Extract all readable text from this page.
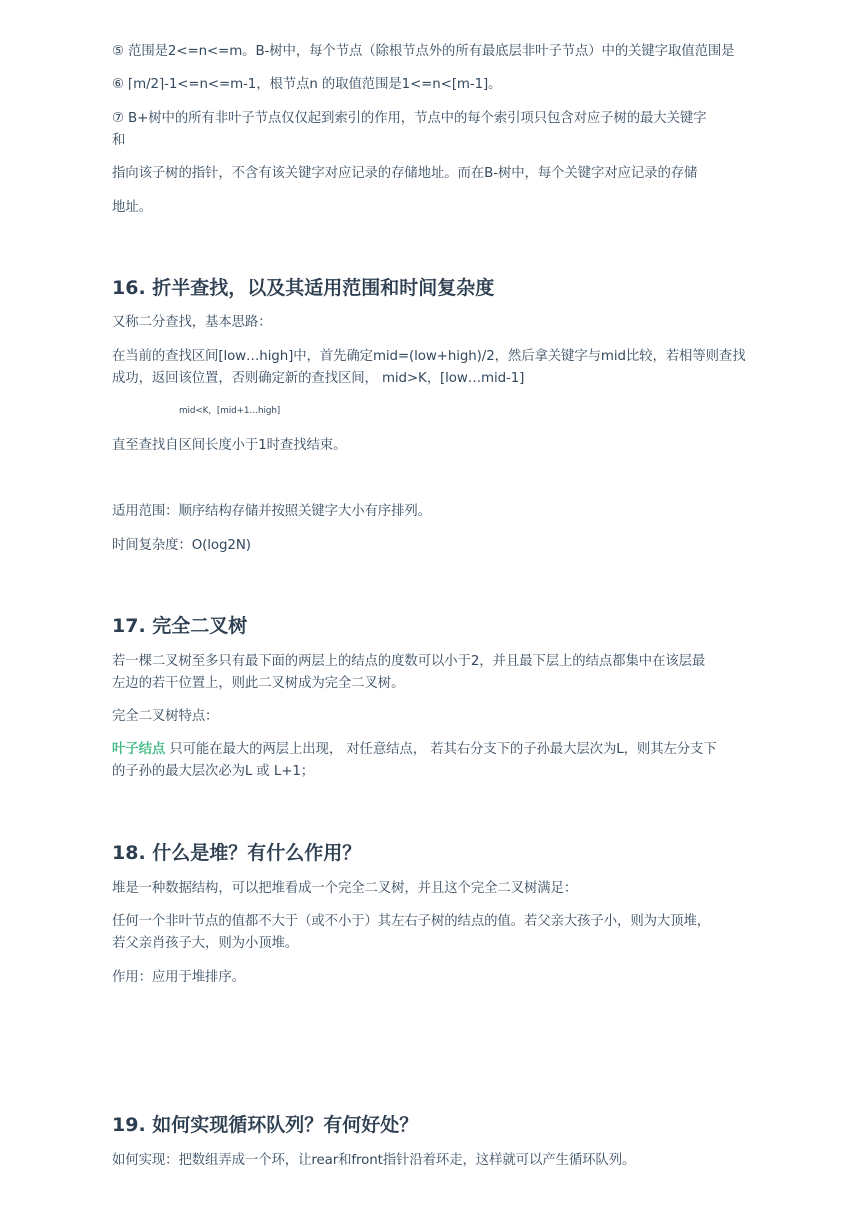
⑤ 范围是2<=n<=m。B-树中，每个节点（除根节点外的所有最底层非叶子节点）中的关键字取值范围是
⑥ ⌈m/2⌉-1<=n<=m-1，根节点n 的取值范围是1<=n<[m-1]。
⑦ B+树中的所有非叶子节点仅仅起到索引的作用，节点中的每个索引项只包含对应子树的最大关键字
和
指向该子树的指针，不含有该关键字对应记录的存储地址。而在B-树中，每个关键字对应记录的存储
地址。
16. 折半查找，以及其适用范围和时间复杂度
又称二分查找，基本思路：
在当前的查找区间[low…high]中，首先确定mid=(low+high)/2，然后拿关键字与mid比较，若相等则查找
成功，返回该位置，否则确定新的查找区间， mid>K，[low…mid-1]
mid<K，[mid+1…high]
直至查找自区间长度小于1时查找结束。
适用范围：顺序结构存储并按照关键字大小有序排列。
时间复杂度：O(log2N)
17. 完全二叉树
若一棵二叉树至多只有最下面的两层上的结点的度数可以小于2，并且最下层上的结点都集中在该层最
左边的若干位置上，则此二叉树成为完全二叉树。
完全二叉树特点：
叶子结点 只可能在最大的两层上出现， 对任意结点， 若其右分支下的子孙最大层次为L，则其左分支下
的子孙的最大层次必为L 或 L+1；
18. 什么是堆？有什么作用？
堆是一种数据结构，可以把堆看成一个完全二叉树，并且这个完全二叉树满足：
任何一个非叶节点的值都不大于（或不小于）其左右子树的结点的值。若父亲大孩子小，则为大顶堆，
若父亲肖孩子大，则为小顶堆。
作用：应用于堆排序。
19. 如何实现循环队列？有何好处？
如何实现：把数组弄成一个环，让rear和front指针沿着环走，这样就可以产生循环队列。
